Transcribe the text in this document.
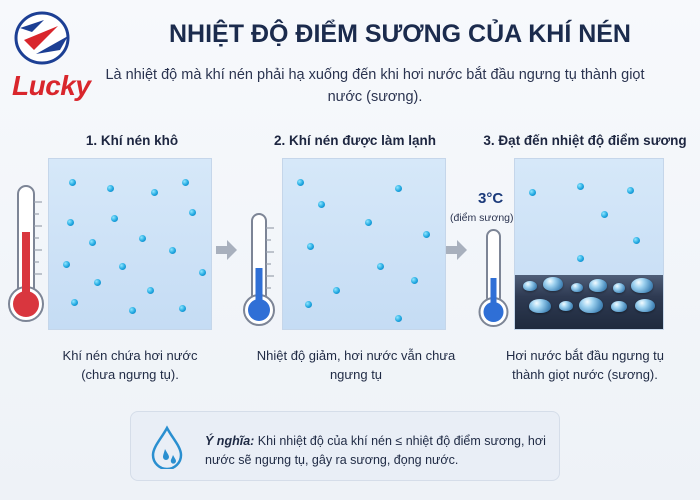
Lucky
NHIỆT ĐỘ ĐIỂM SƯƠNG CỦA KHÍ NÉN
Là nhiệt độ mà khí nén phải hạ xuống đến khi hơi nước bắt đầu ngưng tụ thành giọt nước (sương).
1. Khí nén khô
Khí nén chứa hơi nước (chưa ngưng tụ).
2. Khí nén được làm lạnh
Nhiệt độ giảm, hơi nước vẫn chưa ngưng tụ
3. Đạt đến nhiệt độ điểm sương
3°C
(điểm sương)
Hơi nước bắt đầu ngưng tụ thành giọt nước (sương).
Ý nghĩa: Khi nhiệt độ của khí nén ≤ nhiệt độ điểm sương, hơi nước sẽ ngưng tụ, gây ra sương, đọng nước.
